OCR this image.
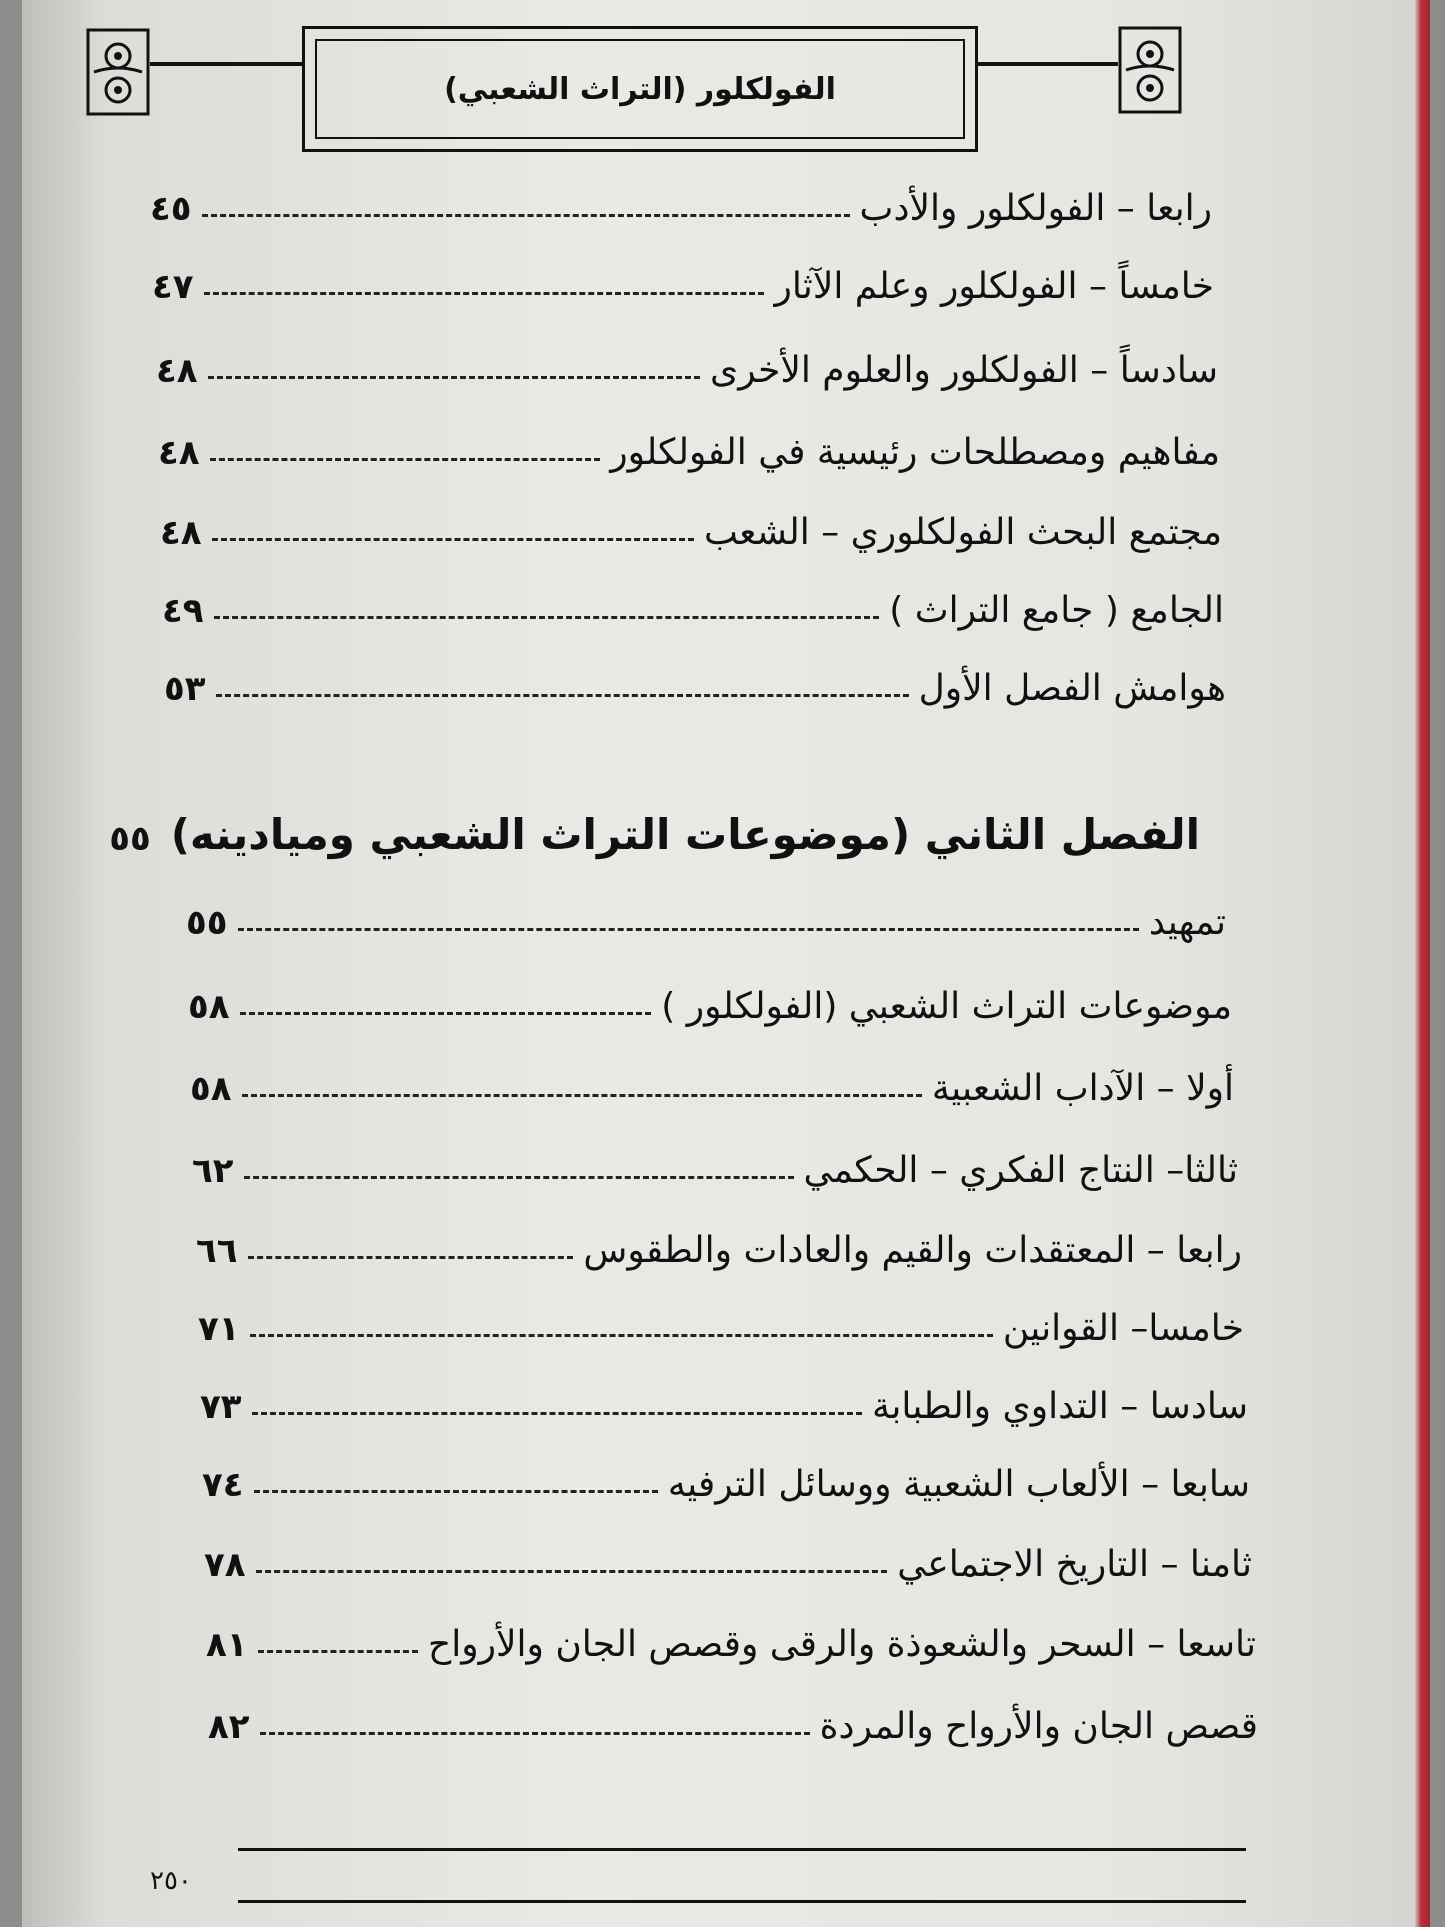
الفولكلور (التراث الشعبي)
رابعا – الفولكلور والأدب
٤٥
خامساً – الفولكلور وعلم الآثار
٤٧
سادساً – الفولكلور والعلوم الأخرى
٤٨
مفاهيم ومصطلحات رئيسية في الفولكلور
٤٨
مجتمع البحث الفولكلوري – الشعب
٤٨
الجامع ( جامع التراث )
٤٩
هوامش الفصل الأول
٥٣
الفصل الثاني (موضوعات التراث الشعبي وميادينه)
٥٥
تمهيد
٥٥
موضوعات التراث الشعبي (الفولكلور )
٥٨
أولا – الآداب الشعبية
٥٨
ثالثا– النتاج الفكري – الحكمي
٦٢
رابعا – المعتقدات والقيم والعادات والطقوس
٦٦
خامسا– القوانين
٧١
سادسا – التداوي والطبابة
٧٣
سابعا – الألعاب الشعبية ووسائل الترفيه
٧٤
ثامنا – التاريخ الاجتماعي
٧٨
تاسعا – السحر والشعوذة والرقى وقصص الجان والأرواح
٨١
قصص الجان والأرواح والمردة
٨٢
٢٥٠
